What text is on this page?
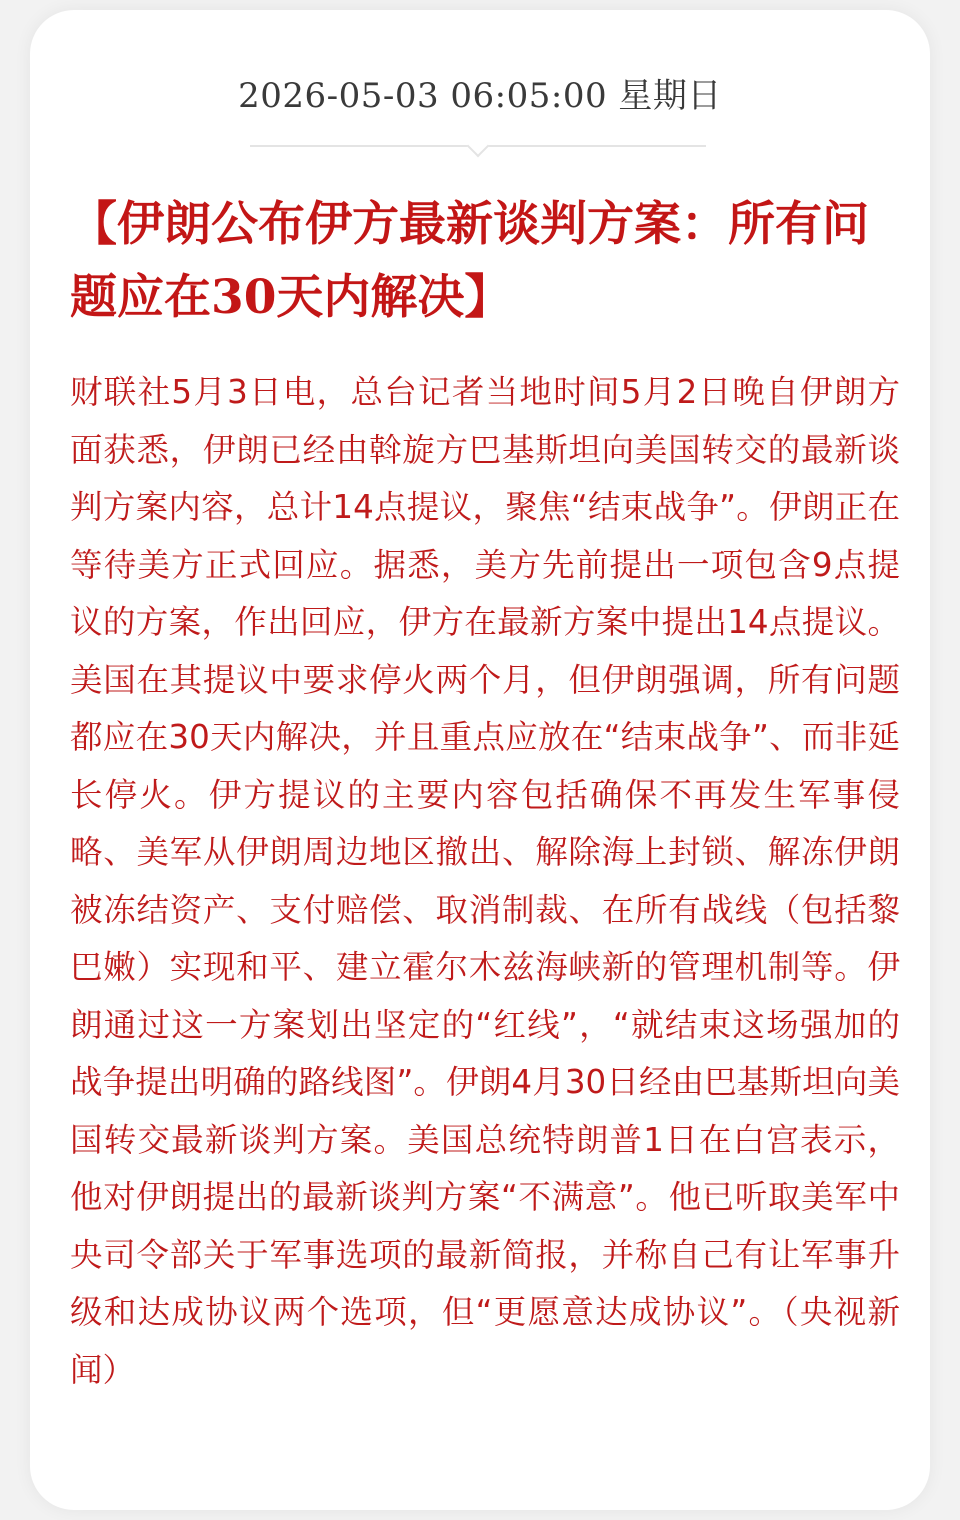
2026-05-03 06:05:00 星期日
【伊朗公布伊方最新谈判方案：所有问题应在30天内解决】

财联社5月3日电，总台记者当地时间5月2日晚自伊朗方面获悉，伊朗已经由斡旋方巴基斯坦向美国转交的最新谈判方案内容，总计14点提议，聚焦“结束战争”。伊朗正在等待美方正式回应。据悉，美方先前提出一项包含9点提议的方案，作出回应，伊方在最新方案中提出14点提议。美国在其提议中要求停火两个月，但伊朗强调，所有问题都应在30天内解决，并且重点应放在“结束战争”、而非延长停火。伊方提议的主要内容包括确保不再发生军事侵略、美军从伊朗周边地区撤出、解除海上封锁、解冻伊朗被冻结资产、支付赔偿、取消制裁、在所有战线（包括黎巴嫩）实现和平、建立霍尔木兹海峡新的管理机制等。伊朗通过这一方案划出坚定的“红线”，“就结束这场强加的战争提出明确的路线图”。伊朗4月30日经由巴基斯坦向美国转交最新谈判方案。美国总统特朗普1日在白宫表示，他对伊朗提出的最新谈判方案“不满意”。他已听取美军中央司令部关于军事选项的最新简报，并称自己有让军事升级和达成协议两个选项，但“更愿意达成协议”。（央视新闻）
